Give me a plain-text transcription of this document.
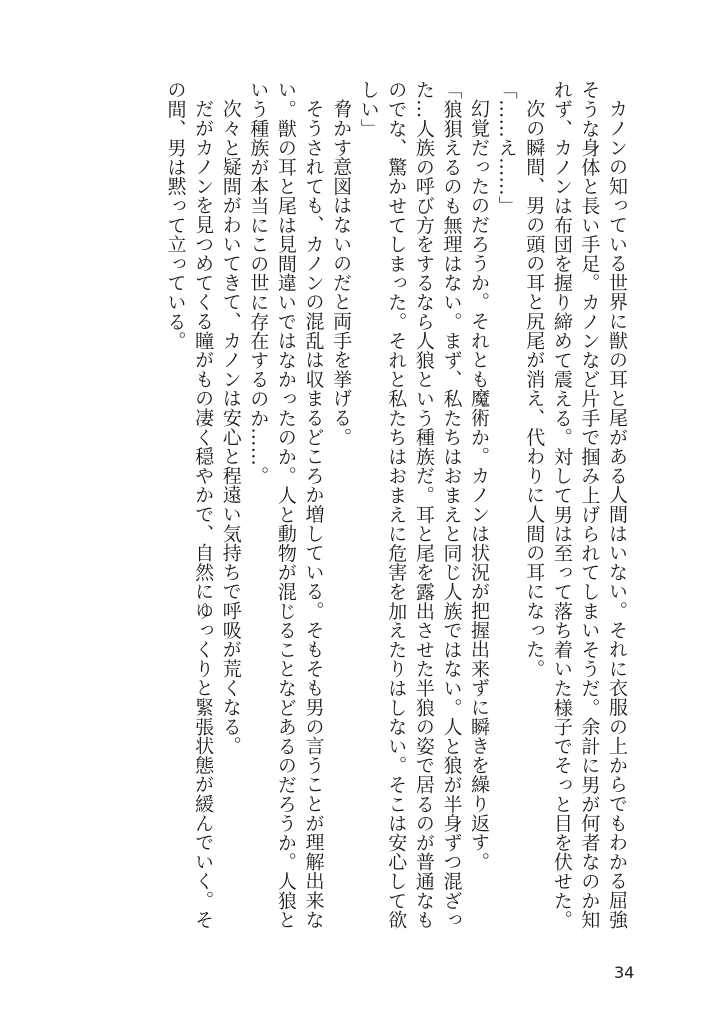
カノンの知っている世界に獣の耳と尾がある人間はいない。それに衣服の上からでもわかる屈強そうな身体と長い手足。カノンなど片手で掴み上げられてしまいそうだ。余計に男が何者なのか知れず、カノンは布団を握り締めて震える。対して男は至って落ち着いた様子でそっと目を伏せた。

次の瞬間、男の頭の耳と尻尾が消え、代わりに人間の耳になった。

「……え……」

幻覚だったのだろうか。それとも魔術か。カノンは状況が把握出来ずに瞬きを繰り返す。

「狼狽えるのも無理はない。まず、私たちはおまえと同じ人族ではない。人と狼が半身ずつ混ざった…人族の呼び方をするなら人狼という種族だ。耳と尾を露出させた半狼の姿で居るのが普通なものでな、驚かせてしまった。それと私たちはおまえに危害を加えたりはしない。そこは安心して欲しい」

脅かす意図はないのだと両手を挙げる。

そうされても、カノンの混乱は収まるどころか増している。そもそも男の言うことが理解出来ない。獣の耳と尾は見間違いではなかったのか。人と動物が混じることなどあるのだろうか。人狼という種族が本当にこの世に存在するのか……。

次々と疑問がわいてきて、カノンは安心と程遠い気持ちで呼吸が荒くなる。

だがカノンを見つめてくる瞳がもの凄く穏やかで、自然にゆっくりと緊張状態が緩んでいく。その間、男は黙って立っている。

34
